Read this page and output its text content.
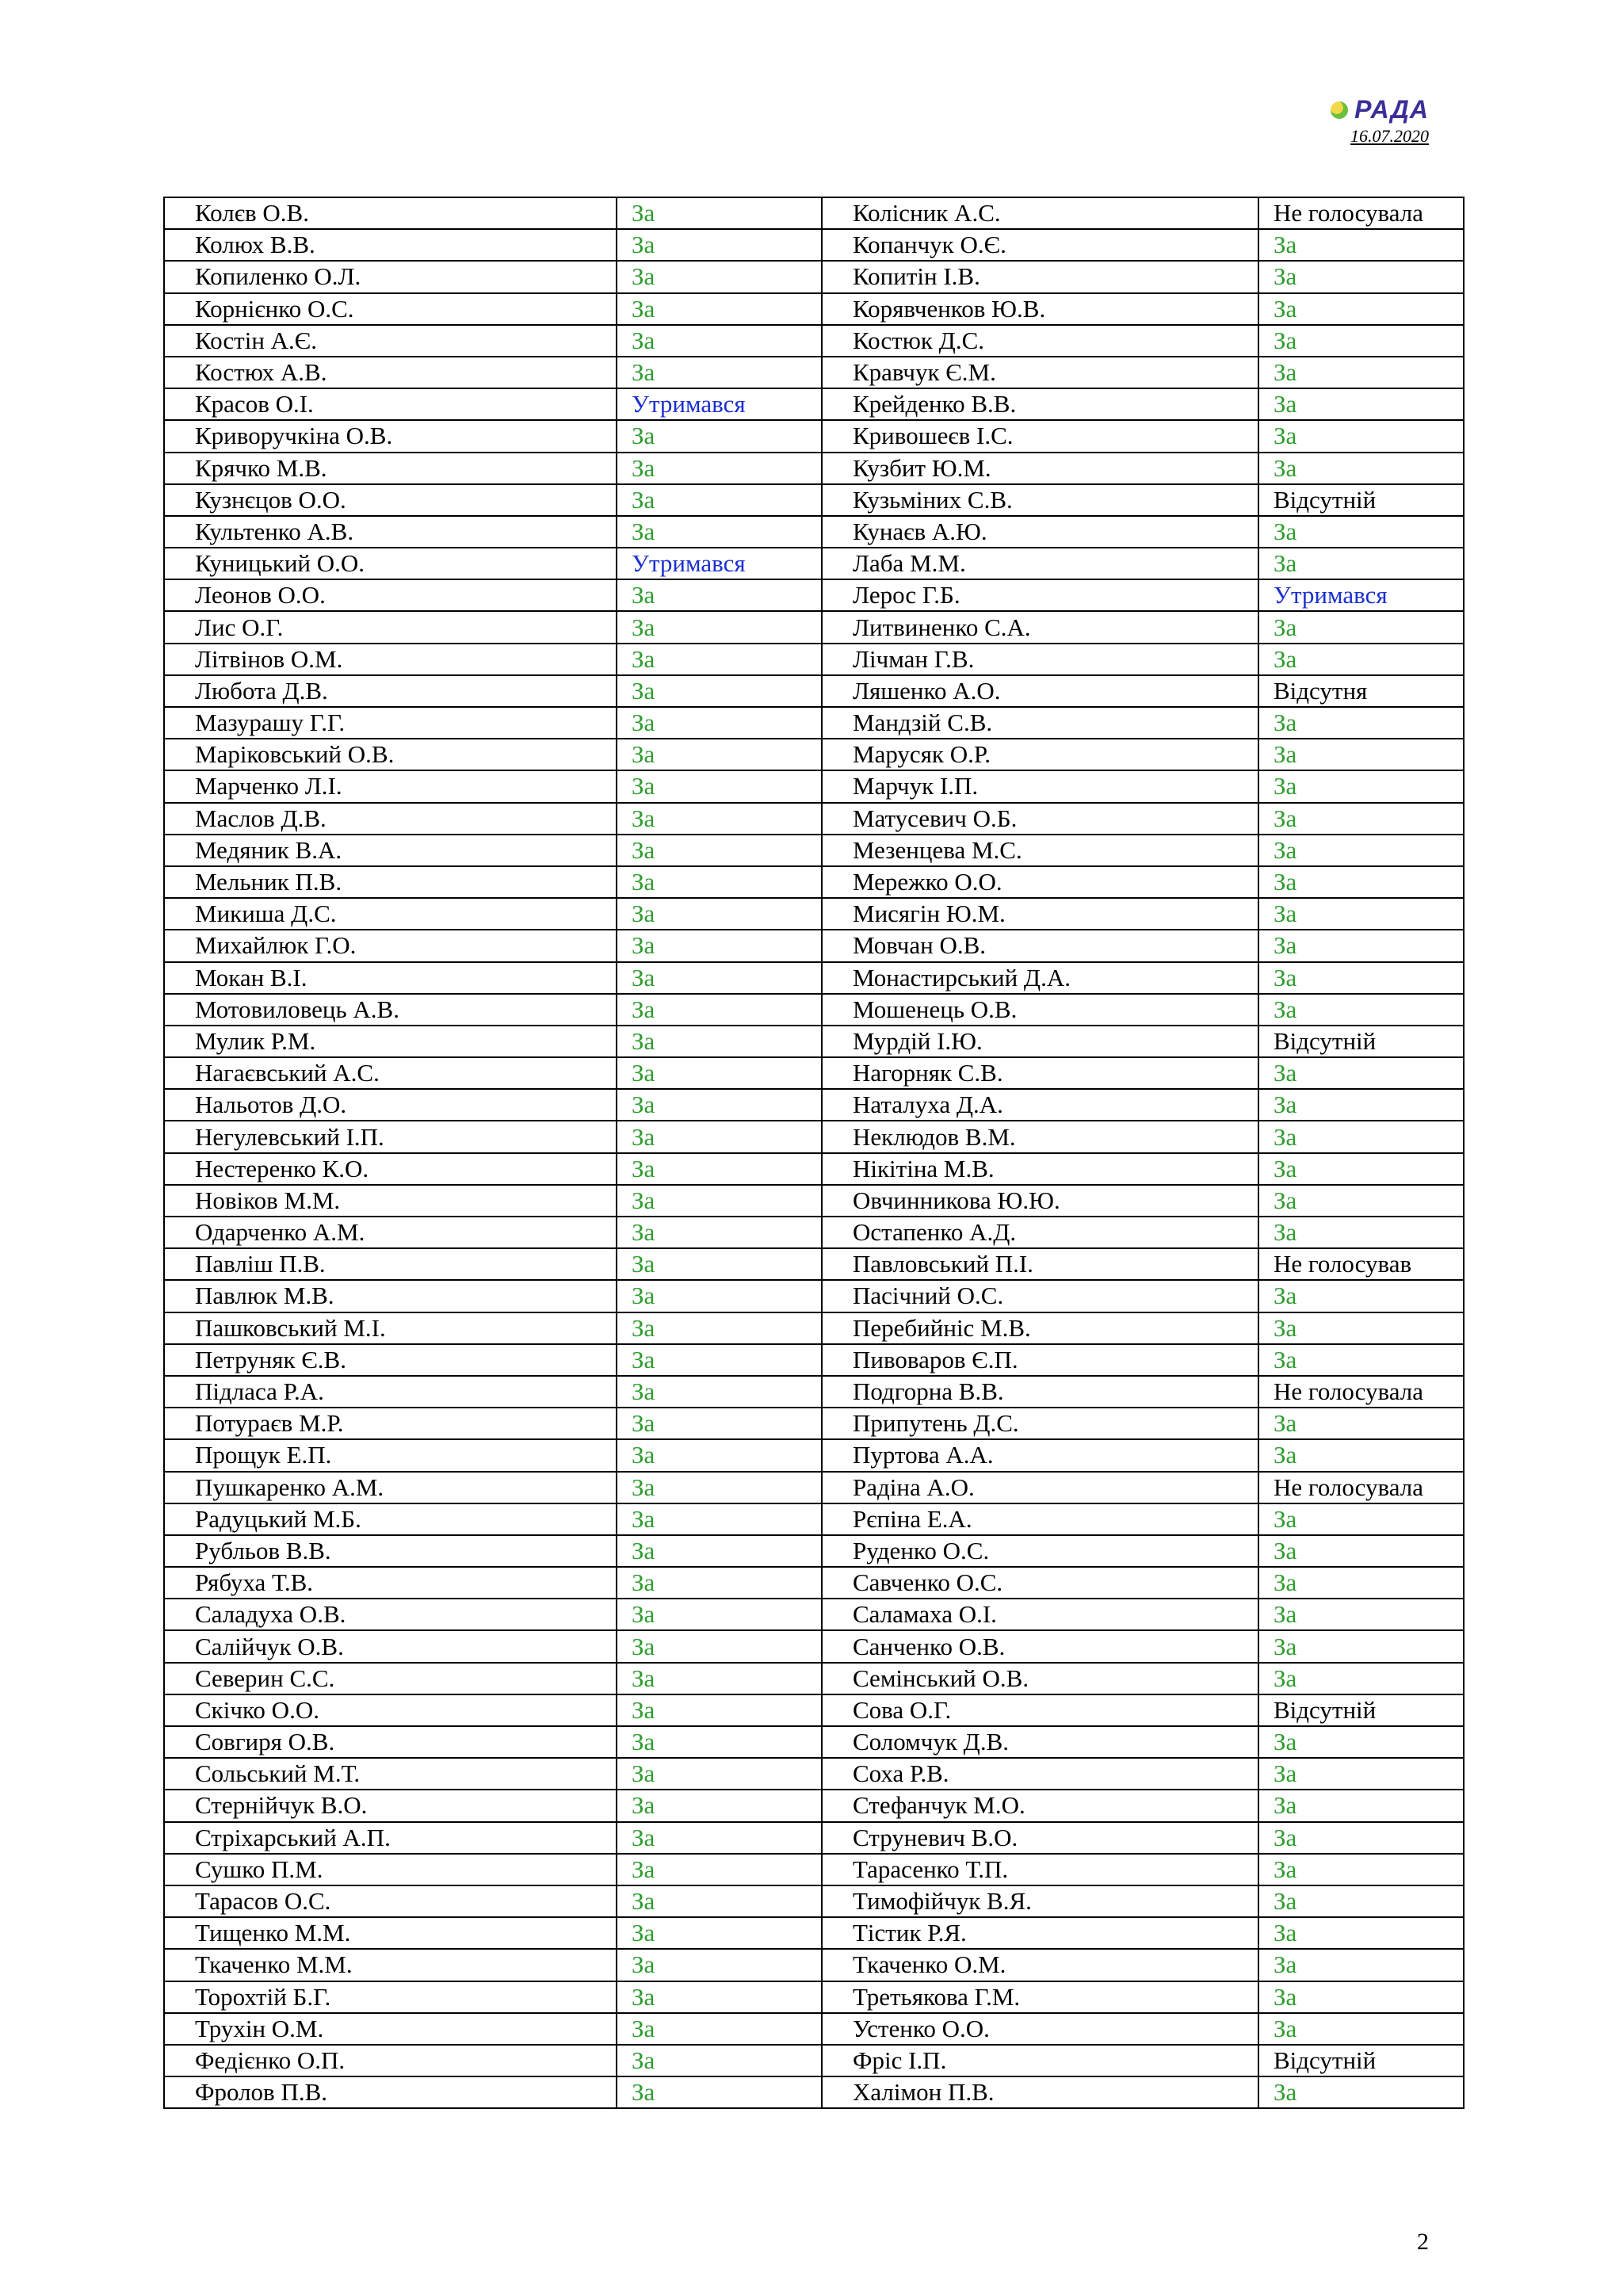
РАДА
16.07.2020
Колєв О.В.	За	Колісник А.С.	Не голосувала
Колюх В.В.	За	Копанчук О.Є.	За
Копиленко О.Л.	За	Копитін І.В.	За
Корнієнко О.С.	За	Корявченков Ю.В.	За
Костін А.Є.	За	Костюк Д.С.	За
Костюх А.В.	За	Кравчук Є.М.	За
Красов О.І.	Утримався	Крейденко В.В.	За
Криворучкіна О.В.	За	Кривошеєв І.С.	За
Крячко М.В.	За	Кузбит Ю.М.	За
Кузнєцов О.О.	За	Кузьміних С.В.	Відсутній
Культенко А.В.	За	Кунаєв А.Ю.	За
Куницький О.О.	Утримався	Лаба М.М.	За
Леонов О.О.	За	Лерос Г.Б.	Утримався
Лис О.Г.	За	Литвиненко С.А.	За
Літвінов О.М.	За	Лічман Г.В.	За
Любота Д.В.	За	Ляшенко А.О.	Відсутня
Мазурашу Г.Г.	За	Мандзій С.В.	За
Маріковський О.В.	За	Марусяк О.Р.	За
Марченко Л.І.	За	Марчук І.П.	За
Маслов Д.В.	За	Матусевич О.Б.	За
Медяник В.А.	За	Мезенцева М.С.	За
Мельник П.В.	За	Мережко О.О.	За
Микиша Д.С.	За	Мисягін Ю.М.	За
Михайлюк Г.О.	За	Мовчан О.В.	За
Мокан В.І.	За	Монастирський Д.А.	За
Мотовиловець А.В.	За	Мошенець О.В.	За
Мулик Р.М.	За	Мурдій І.Ю.	Відсутній
Нагаєвський А.С.	За	Нагорняк С.В.	За
Нальотов Д.О.	За	Наталуха Д.А.	За
Негулевський І.П.	За	Неклюдов В.М.	За
Нестеренко К.О.	За	Нікітіна М.В.	За
Новіков М.М.	За	Овчинникова Ю.Ю.	За
Одарченко А.М.	За	Остапенко А.Д.	За
Павліш П.В.	За	Павловський П.І.	Не голосував
Павлюк М.В.	За	Пасічний О.С.	За
Пашковський М.І.	За	Перебийніс М.В.	За
Петруняк Є.В.	За	Пивоваров Є.П.	За
Підласа Р.А.	За	Подгорна В.В.	Не голосувала
Потураєв М.Р.	За	Припутень Д.С.	За
Прощук Е.П.	За	Пуртова А.А.	За
Пушкаренко А.М.	За	Радіна А.О.	Не голосувала
Радуцький М.Б.	За	Рєпіна Е.А.	За
Рубльов В.В.	За	Руденко О.С.	За
Рябуха Т.В.	За	Савченко О.С.	За
Саладуха О.В.	За	Саламаха О.І.	За
Салійчук О.В.	За	Санченко О.В.	За
Северин С.С.	За	Семінський О.В.	За
Скічко О.О.	За	Сова О.Г.	Відсутній
Совгиря О.В.	За	Соломчук Д.В.	За
Сольський М.Т.	За	Соха Р.В.	За
Стернійчук В.О.	За	Стефанчук М.О.	За
Стріхарський А.П.	За	Струневич В.О.	За
Сушко П.М.	За	Тарасенко Т.П.	За
Тарасов О.С.	За	Тимофійчук В.Я.	За
Тищенко М.М.	За	Тістик Р.Я.	За
Ткаченко М.М.	За	Ткаченко О.М.	За
Торохтій Б.Г.	За	Третьякова Г.М.	За
Трухін О.М.	За	Устенко О.О.	За
Федієнко О.П.	За	Фріс І.П.	Відсутній
Фролов П.В.	За	Халімон П.В.	За
2
